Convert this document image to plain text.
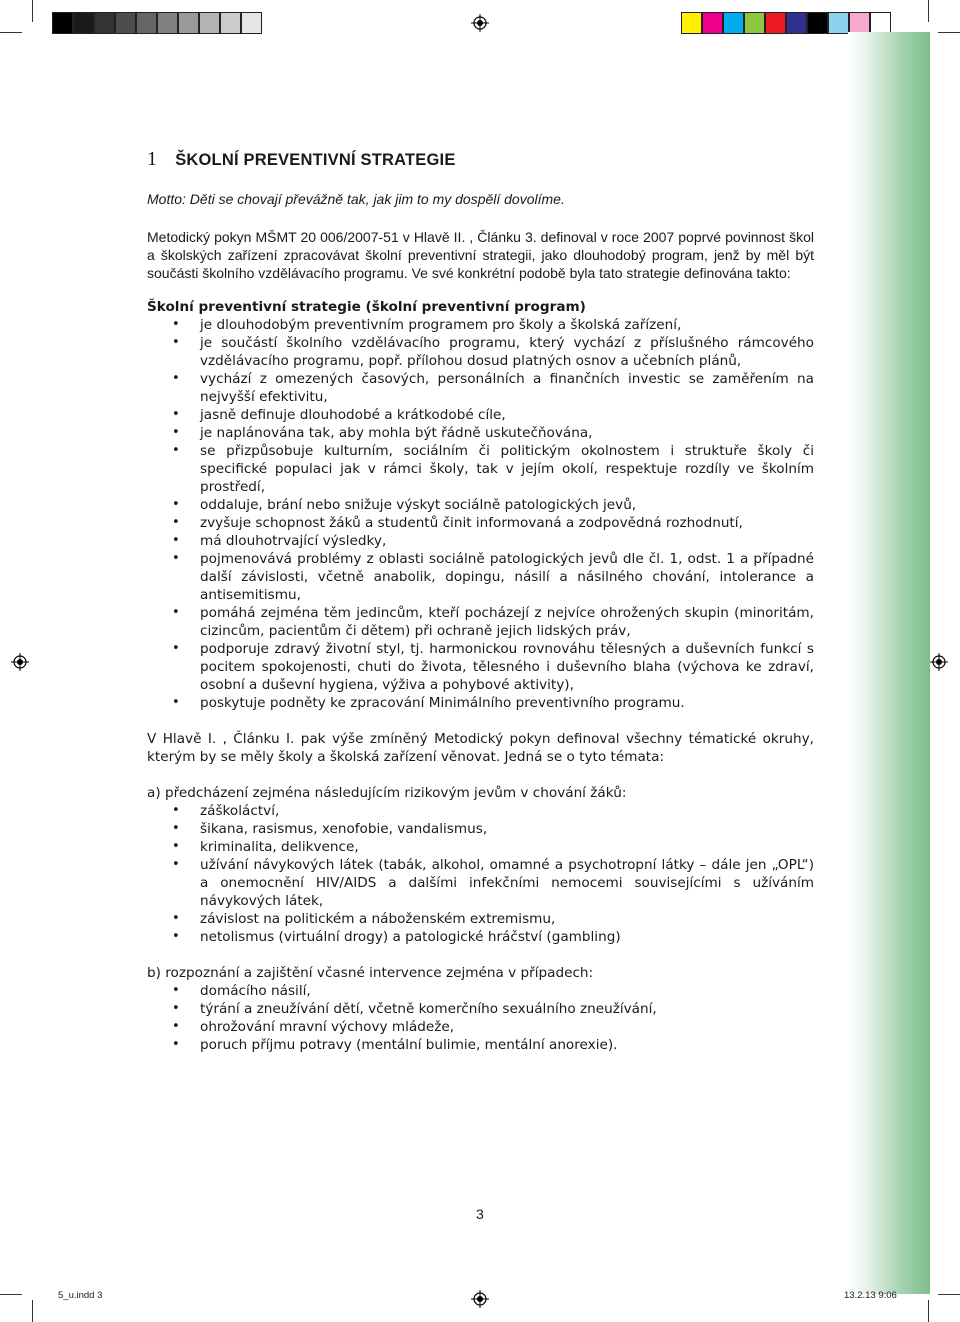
1 ŠKOLNÍ PREVENTIVNÍ STRATEGIE

Motto: Děti se chovají převážně tak, jak jim to my dospělí dovolíme.

Metodický pokyn MŠMT 20 006/2007-51 v Hlavě II. , Článku 3. definoval v roce 2007 poprvé povinnost škol a školských zařízení zpracovávat školní preventivní strategii, jako dlouhodobý program, jenž by měl být součásti školního vzdělávacího programu. Ve své konkrétní podobě byla tato strategie definována takto:

Školní preventivní strategie (školní preventivní program)

• je dlouhodobým preventivním programem pro školy a školská zařízení,
• je součástí školního vzdělávacího programu, který vychází z příslušného rámcového vzdělávacího programu, popř. přílohou dosud platných osnov a učebních plánů,
• vychází z omezených časových, personálních a finančních investic se zaměřením na nejvyšší efektivitu,
• jasně definuje dlouhodobé a krátkodobé cíle,
• je naplánována tak, aby mohla být řádně uskutečňována,
• se přizpůsobuje kulturním, sociálním či politickým okolnostem i struktuře školy či specifické populaci jak v rámci školy, tak v jejím okolí, respektuje rozdíly ve školním prostředí,
• oddaluje, brání nebo snižuje výskyt sociálně patologických jevů,
• zvyšuje schopnost žáků a studentů činit informovaná a zodpovědná rozhodnutí,
• má dlouhotrvající výsledky,
• pojmenovává problémy z oblasti sociálně patologických jevů dle čl. 1, odst. 1 a případné další závislosti, včetně anabolik, dopingu, násilí a násilného chování, intolerance a antisemitismu,
• pomáhá zejména těm jedincům, kteří pocházejí z nejvíce ohrožených skupin (minoritám, cizincům, pacientům či dětem) při ochraně jejich lidských práv,
• podporuje zdravý životní styl, tj. harmonickou rovnováhu tělesných a duševních funkcí s pocitem spokojenosti, chuti do života, tělesného i duševního blaha (výchova ke zdraví, osobní a duševní hygiena, výživa a pohybové aktivity),
• poskytuje podněty ke zpracování Minimálního preventivního programu.

V Hlavě I. , Článku I. pak výše zmíněný Metodický pokyn definoval všechny tématické okruhy, kterým by se měly školy a školská zařízení věnovat. Jedná se o tyto témata:

a) předcházení zejména následujícím rizikovým jevům v chování žáků:

• záškoláctví,
• šikana, rasismus, xenofobie, vandalismus,
• kriminalita, delikvence,
• užívání návykových látek (tabák, alkohol, omamné a psychotropní látky – dále jen „OPL“) a onemocnění HIV/AIDS a dalšími infekčními nemocemi souvisejícími s užíváním návykových látek,
• závislost na politickém a náboženském extremismu,
• netolismus (virtuální drogy) a patologické hráčství (gambling)

b) rozpoznání a zajištění včasné intervence zejména v případech:

• domácího násilí,
• týrání a zneužívání dětí, včetně komerčního sexuálního zneužívání,
• ohrožování mravní výchovy mládeže,
• poruch příjmu potravy (mentální bulimie, mentální anorexie).
3
5_u.indd 3	13.2.13 9:06
